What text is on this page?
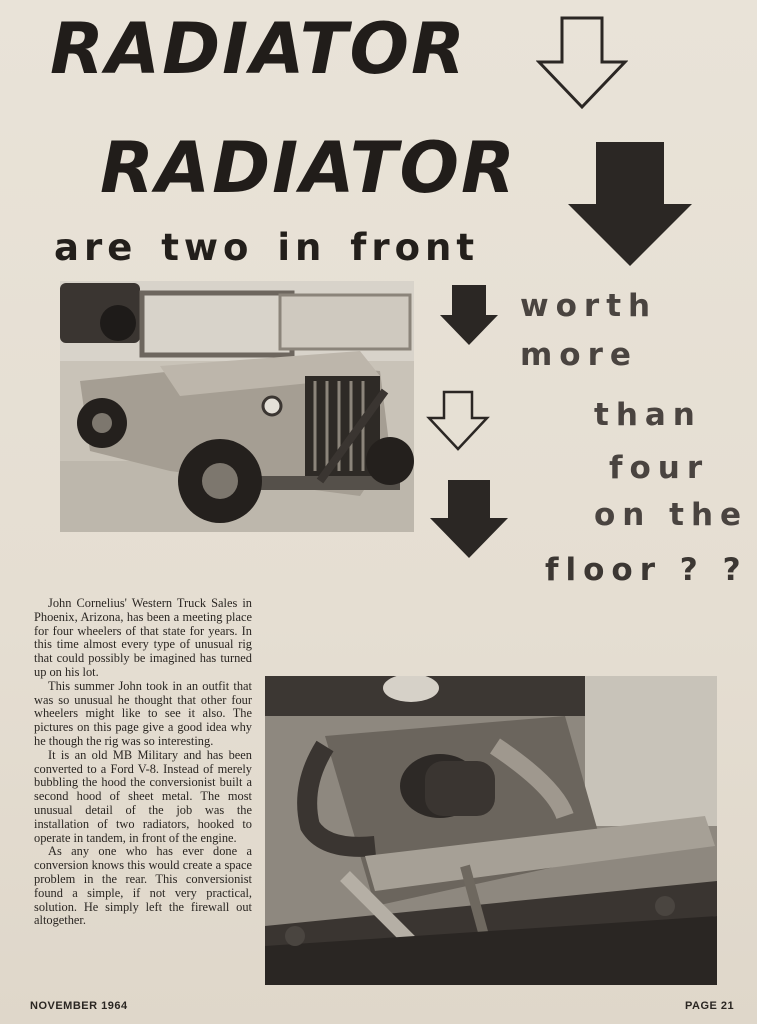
RADIATOR
RADIATOR
are two in front

worth

more

than

four

on the

floor ? ?

John Cornelius' Western Truck Sales in Phoenix, Arizona, has been a meeting place for four wheelers of that state for years. In this time almost every type of unusual rig that could possibly be imagined has turned up on his lot.

This summer John took in an outfit that was so unusual he thought that other four wheelers might like to see it also. The pictures on this page give a good idea why he though the rig was so interesting.

It is an old MB Military and has been converted to a Ford V-8. Instead of merely bubbling the hood the conversionist built a second hood of sheet metal. The most unusual detail of the job was the installation of two radiators, hooked to operate in tandem, in front of the engine.

As any one who has ever done a conversion knows this would create a space problem in the rear. This conversionist found a simple, if not very practical, solution. He simply left the firewall out altogether.

NOVEMBER 1964	PAGE 21
